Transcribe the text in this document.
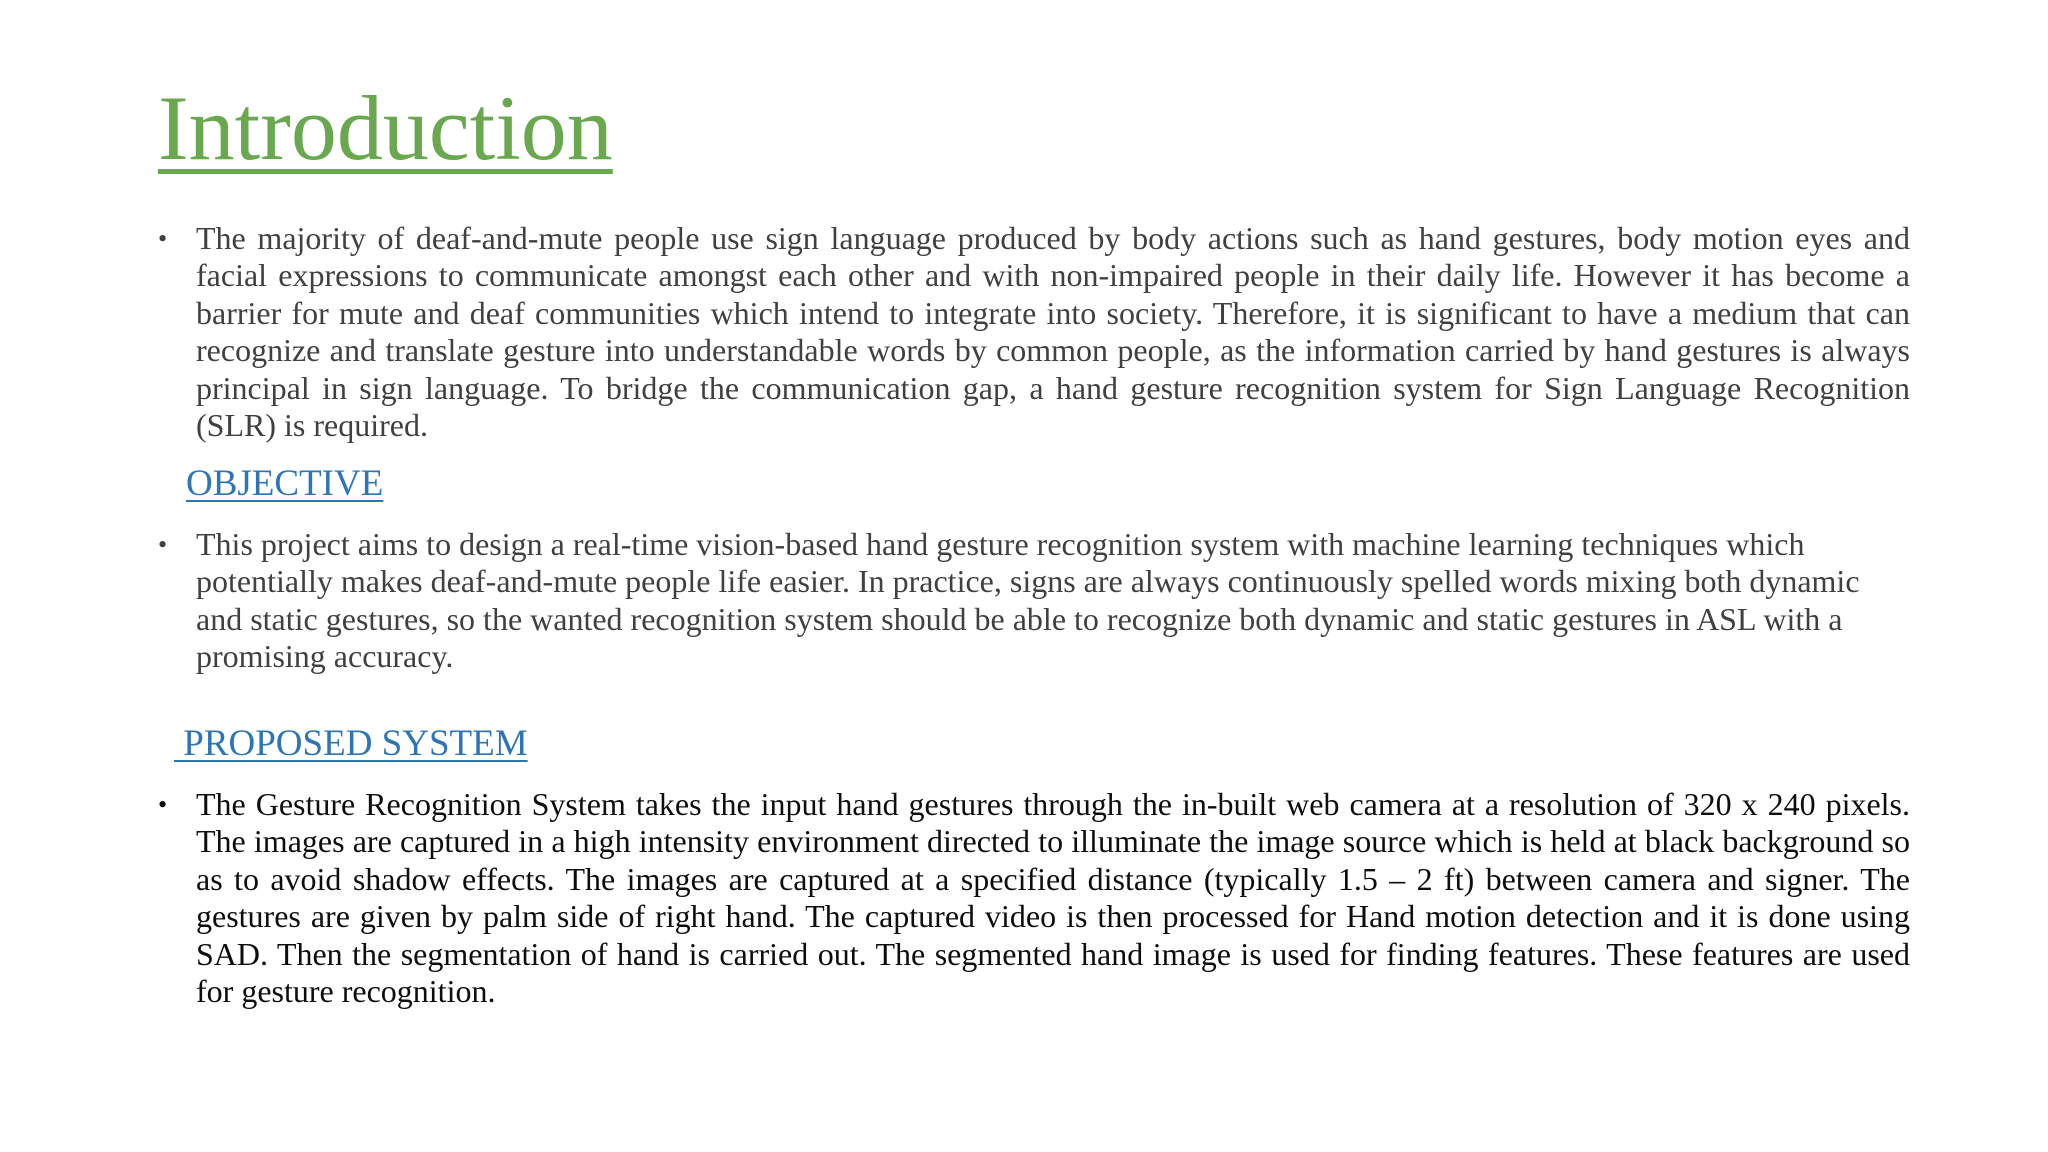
Introduction
• The majority of deaf-and-mute people use sign language produced by body actions such as hand gestures, body motion eyes and facial expressions to communicate amongst each other and with non-impaired people in their daily life. However it has become a barrier for mute and deaf communities which intend to integrate into society. Therefore, it is significant to have a medium that can recognize and translate gesture into understandable words by common people, as the information carried by hand gestures is always principal in sign language. To bridge the communication gap, a hand gesture recognition system for Sign Language Recognition (SLR) is required.

OBJECTIVE
• This project aims to design a real-time vision-based hand gesture recognition system with machine learning techniques which potentially makes deaf-and-mute people life easier. In practice, signs are always continuously spelled words mixing both dynamic and static gestures, so the wanted recognition system should be able to recognize both dynamic and static gestures in ASL with a promising accuracy.

PROPOSED SYSTEM
• The Gesture Recognition System takes the input hand gestures through the in-built web camera at a resolution of 320 x 240 pixels. The images are captured in a high intensity environment directed to illuminate the image source which is held at black background so as to avoid shadow effects. The images are captured at a specified distance (typically 1.5 – 2 ft) between camera and signer. The gestures are given by palm side of right hand. The captured video is then processed for Hand motion detection and it is done using SAD. Then the segmentation of hand is carried out. The segmented hand image is used for finding features. These features are used for gesture recognition.
